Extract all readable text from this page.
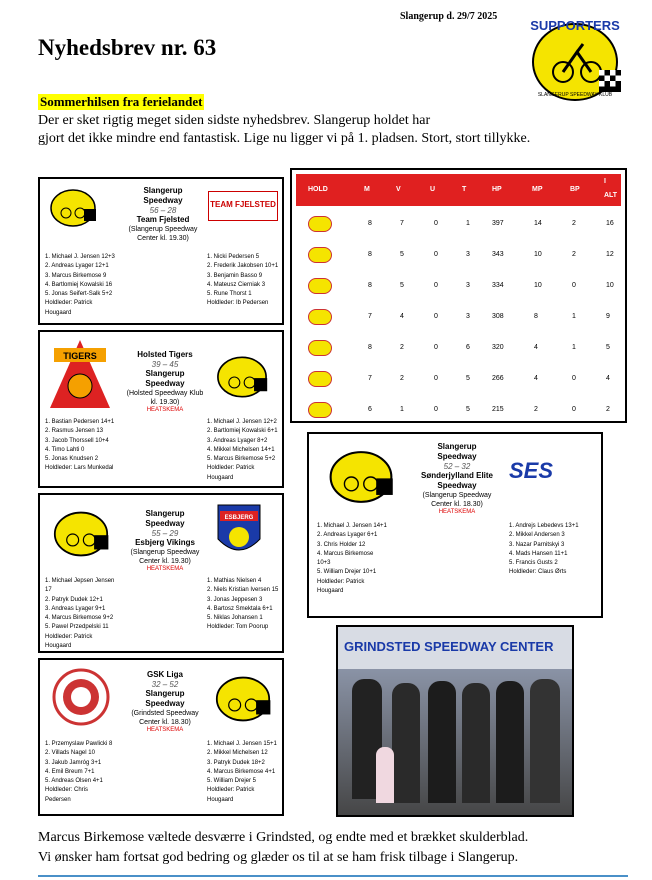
Slangerup d. 29/7 2025
Nyhedsbrev nr. 63
SUPPORTERS
SLANGERUP SPEEDWAY KLUB
Sommerhilsen fra ferielandet
Der er sket rigtig meget siden sidste nyhedsbrev. Slangerup holdet har
gjort det ikke mindre end fantastisk. Lige nu ligger vi på 1. pladsen. Stort, stort tillykke.
Slangerup
Speedway
56 – 28
Team Fjelsted
(Slangerup Speedway
Center kl. 19.30)
TEAM FJELSTED
1. Michael J. Jensen 12+3
2. Andreas Lyager 12+1
3. Marcus Birkemose 9
4. Bartlomiej Kowalski 16
5. Jonas Seifert-Salk 5+2
Holdleder: Patrick
Hougaard
1. Nicki Pedersen 5
2. Frederik Jakobsen 10+1
3. Benjamin Basso 9
4. Mateusz Cierniak 3
5. Rune Thorst 1
Holdleder: Ib Pedersen
TIGERS	Holsted Tigers
39 – 45
Slangerup
Speedway
(Holsted Speedway Klub
kl. 19.30)
HEATSKEMA
1. Bastian Pedersen 14+1
2. Rasmus Jensen 13
3. Jacob Thorssell 10+4
4. Timo Lahti 0
5. Jonas Knudsen 2
Holdleder: Lars Munkedal
1. Michael J. Jensen 12+2
2. Bartlomiej Kowalski 6+1
3. Andreas Lyager 8+2
4. Mikkel Michelsen 14+1
5. Marcus Birkemose 5+2
Holdleder: Patrick
Hougaard
Slangerup
Speedway
55 – 29
Esbjerg Vikings
(Slangerup Speedway
Center kl. 19.30)
HEATSKEMA
ESBJERG
1. Michael Jepsen Jensen
17
2. Patryk Dudek 12+1
3. Andreas Lyager 9+1
4. Marcus Birkemose 9+2
5. Pawel Przedpelski 11
Holdleder: Patrick
Hougaard
1. Mathias Nielsen 4
2. Niels Kristian Iversen 15
3. Jonas Jeppesen 3
4. Bartosz Smektala 6+1
5. Niklas Johansen 1
Holdleder: Tom Poorup
GSK Liga
32 – 52
Slangerup
Speedway
(Grindsted Speedway
Center kl. 18.30)
HEATSKEMA
1. Przemyslaw Pawlicki 8
2. Villads Nagel 10
3. Jakub Jamróg 3+1
4. Emil Breum 7+1
5. Andreas Olsen 4+1
Holdleder: Chris
Pedersen
1. Michael J. Jensen 15+1
2. Mikkel Michelsen 12
3. Patryk Dudek 18+2
4. Marcus Birkemose 4+1
5. William Drejer 5
Holdleder: Patrick
Hougaard
HOLD	M	V	U	T	HP	MP	BP
I
ALT
8	7	0	1	397	14	2	16
8	5	0	3	343	10	2	12
8	5	0	3	334	10	0	10
7	4	0	3	308	8	1	9
8	2	0	6	320	4	1	5
7	2	0	5	266	4	0	4
6	1	0	5	215	2	0	2
Slangerup
Speedway
52 – 32
Sønderjylland Elite
Speedway
(Slangerup Speedway
Center kl. 18.30)
HEATSKEMA
SES
1. Michael J. Jensen 14+1
2. Andreas Lyager 6+1
3. Chris Holder 12
4. Marcus Birkemose
10+3
5. William Drejer 10+1
Holdleder: Patrick
Hougaard
1. Andrejs Lebedevs 13+1
2. Mikkel Andersen 3
3. Nazar Parnitskyi 3
4. Mads Hansen 11+1
5. Francis Gusts 2
Holdleder: Claus Ørts
GRINDSTED SPEEDWAY CENTER
Marcus Birkemose væltede desværre i Grindsted, og endte med et brækket skulderblad.
Vi ønsker ham fortsat god bedring og glæder os til at se ham frisk tilbage i Slangerup.
